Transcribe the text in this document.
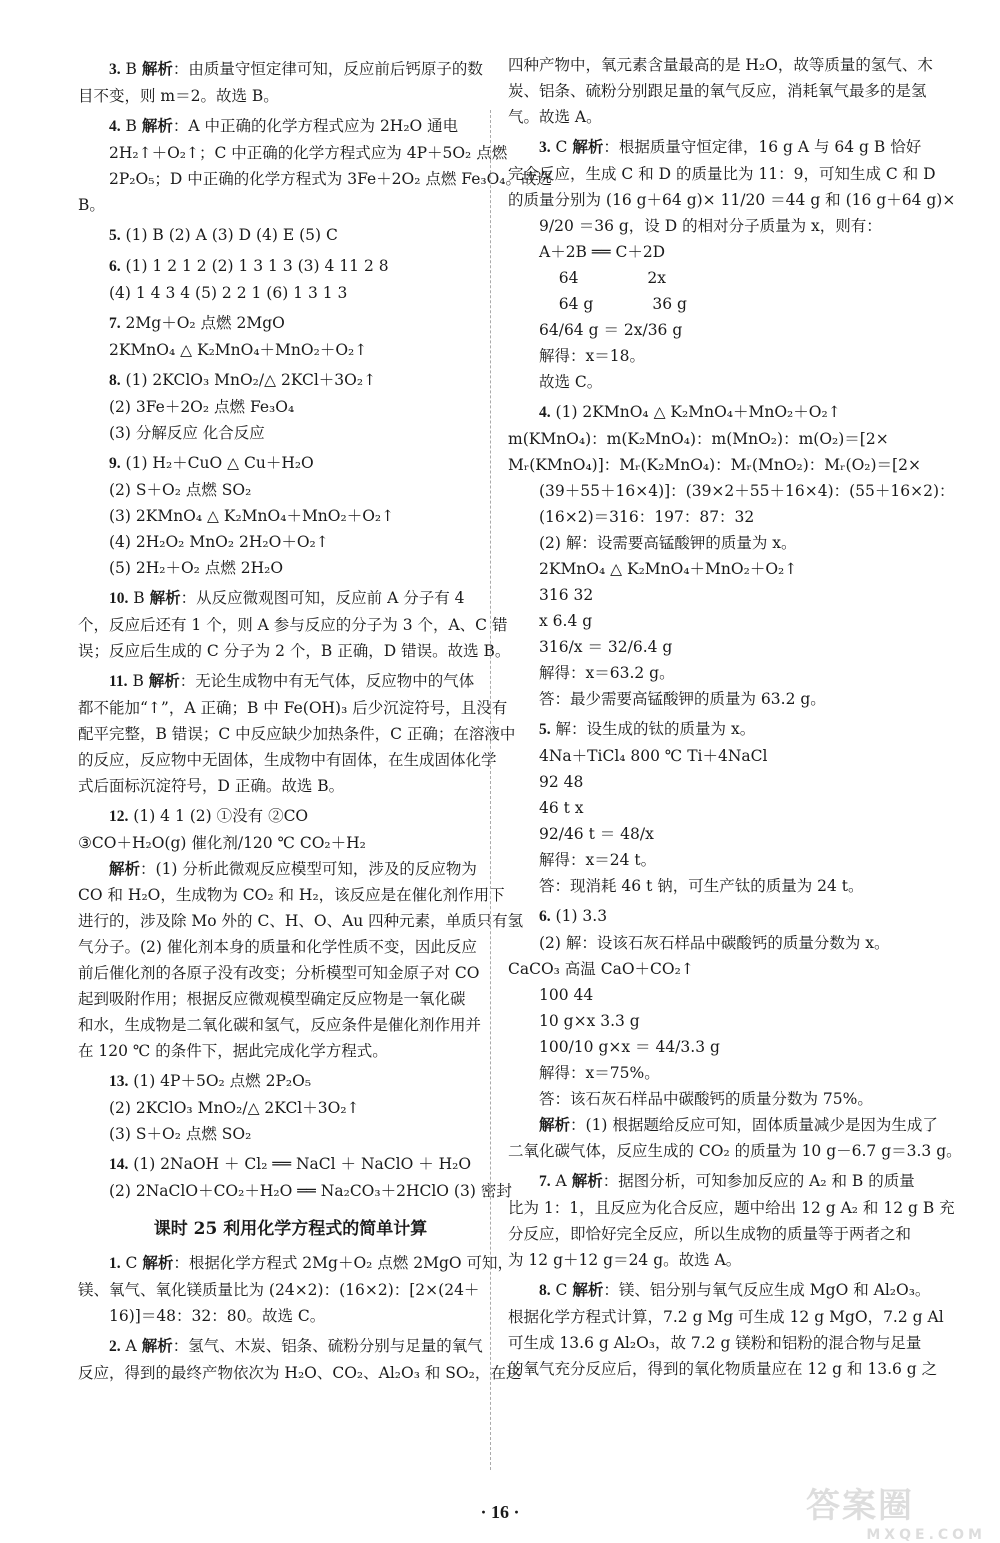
3. B 解析：由质量守恒定律可知，反应前后钙原子的数
目不变，则 m＝2。故选 B。
4. B 解析：A 中正确的化学方程式应为 2H₂O 通电
2H₂↑＋O₂↑；C 中正确的化学方程式应为 4P＋5O₂ 点燃
2P₂O₅；D 中正确的化学方程式为 3Fe＋2O₂ 点燃 Fe₃O₄。故选
B。
5. (1) B (2) A (3) D (4) E (5) C
6. (1) 1 2 1 2 (2) 1 3 1 3 (3) 4 11 2 8
(4) 1 4 3 4 (5) 2 2 1 (6) 1 3 1 3
7. 2Mg＋O₂ 点燃 2MgO
2KMnO₄ △ K₂MnO₄＋MnO₂＋O₂↑
8. (1) 2KClO₃ MnO₂/△ 2KCl＋3O₂↑
(2) 3Fe＋2O₂ 点燃 Fe₃O₄
(3) 分解反应 化合反应
9. (1) H₂＋CuO △ Cu＋H₂O
(2) S＋O₂ 点燃 SO₂
(3) 2KMnO₄ △ K₂MnO₄＋MnO₂＋O₂↑
(4) 2H₂O₂ MnO₂ 2H₂O＋O₂↑
(5) 2H₂＋O₂ 点燃 2H₂O
10. B 解析：从反应微观图可知，反应前 A 分子有 4
个，反应后还有 1 个，则 A 参与反应的分子为 3 个，A、C 错
误；反应后生成的 C 分子为 2 个，B 正确，D 错误。故选 B。
11. B 解析：无论生成物中有无气体，反应物中的气体
都不能加“↑”，A 正确；B 中 Fe(OH)₃ 后少沉淀符号，且没有
配平完整，B 错误；C 中反应缺少加热条件，C 正确；在溶液中
的反应，反应物中无固体，生成物中有固体，在生成固体化学
式后面标沉淀符号，D 正确。故选 B。
12. (1) 4 1 (2) ①没有 ②CO
③CO＋H₂O(g) 催化剂/120 ℃ CO₂＋H₂
解析：(1) 分析此微观反应模型可知，涉及的反应物为
CO 和 H₂O，生成物为 CO₂ 和 H₂，该反应是在催化剂作用下
进行的，涉及除 Mo 外的 C、H、O、Au 四种元素，单质只有氢
气分子。(2) 催化剂本身的质量和化学性质不变，因此反应
前后催化剂的各原子没有改变；分析模型可知金原子对 CO
起到吸附作用；根据反应微观模型确定反应物是一氧化碳
和水，生成物是二氧化碳和氢气，反应条件是催化剂作用并
在 120 ℃ 的条件下，据此完成化学方程式。
13. (1) 4P＋5O₂ 点燃 2P₂O₅
(2) 2KClO₃ MnO₂/△ 2KCl＋3O₂↑
(3) S＋O₂ 点燃 SO₂
14. (1) 2NaOH ＋ Cl₂ ══ NaCl ＋ NaClO ＋ H₂O
(2) 2NaClO＋CO₂＋H₂O ══ Na₂CO₃＋2HClO (3) 密封
课时 25 利用化学方程式的简单计算
1. C 解析：根据化学方程式 2Mg＋O₂ 点燃 2MgO 可知，
镁、氧气、氧化镁质量比为 (24×2)：(16×2)：[2×(24＋
16)]＝48：32：80。故选 C。
2. A 解析：氢气、木炭、铝条、硫粉分别与足量的氧气
反应，得到的最终产物依次为 H₂O、CO₂、Al₂O₃ 和 SO₂，在这
四种产物中，氧元素含量最高的是 H₂O，故等质量的氢气、木
炭、铝条、硫粉分别跟足量的氧气反应，消耗氧气最多的是氢
气。故选 A。
3. C 解析：根据质量守恒定律，16 g A 与 64 g B 恰好
完全反应，生成 C 和 D 的质量比为 11：9，可知生成 C 和 D
的质量分别为 (16 g＋64 g)× 11/20 ＝44 g 和 (16 g＋64 g)×
9/20 ＝36 g，设 D 的相对分子质量为 x，则有：
A＋2B ══ C＋2D
64              2x
64 g            36 g
64/64 g ＝ 2x/36 g
解得：x＝18。
故选 C。
4. (1) 2KMnO₄ △ K₂MnO₄＋MnO₂＋O₂↑
m(KMnO₄)：m(K₂MnO₄)：m(MnO₂)：m(O₂)＝[2×
Mᵣ(KMnO₄)]：Mᵣ(K₂MnO₄)：Mᵣ(MnO₂)：Mᵣ(O₂)＝[2×
(39＋55＋16×4)]：(39×2＋55＋16×4)：(55＋16×2)：
(16×2)＝316：197：87：32
(2) 解：设需要高锰酸钾的质量为 x。
2KMnO₄ △ K₂MnO₄＋MnO₂＋O₂↑
316 32
x 6.4 g
316/x ＝ 32/6.4 g
解得：x＝63.2 g。
答：最少需要高锰酸钾的质量为 63.2 g。
5. 解：设生成的钛的质量为 x。
4Na＋TiCl₄ 800 ℃ Ti＋4NaCl
92 48
46 t x
92/46 t ＝ 48/x
解得：x＝24 t。
答：现消耗 46 t 钠，可生产钛的质量为 24 t。
6. (1) 3.3
(2) 解：设该石灰石样品中碳酸钙的质量分数为 x。
CaCO₃ 高温 CaO＋CO₂↑
100 44
10 g×x 3.3 g
100/10 g×x ＝ 44/3.3 g
解得：x＝75%。
答：该石灰石样品中碳酸钙的质量分数为 75%。
解析：(1) 根据题给反应可知，固体质量减少是因为生成了
二氧化碳气体，反应生成的 CO₂ 的质量为 10 g－6.7 g＝3.3 g。
7. A 解析：据图分析，可知参加反应的 A₂ 和 B 的质量
比为 1：1，且反应为化合反应，题中给出 12 g A₂ 和 12 g B 充
分反应，即恰好完全反应，所以生成物的质量等于两者之和
为 12 g＋12 g＝24 g。故选 A。
8. C 解析：镁、铝分别与氧气反应生成 MgO 和 Al₂O₃。
根据化学方程式计算，7.2 g Mg 可生成 12 g MgO，7.2 g Al
可生成 13.6 g Al₂O₃，故 7.2 g 镁粉和铝粉的混合物与足量
的氧气充分反应后，得到的氧化物质量应在 12 g 和 13.6 g 之
· 16 ·	答案圈
MXQE.COM
